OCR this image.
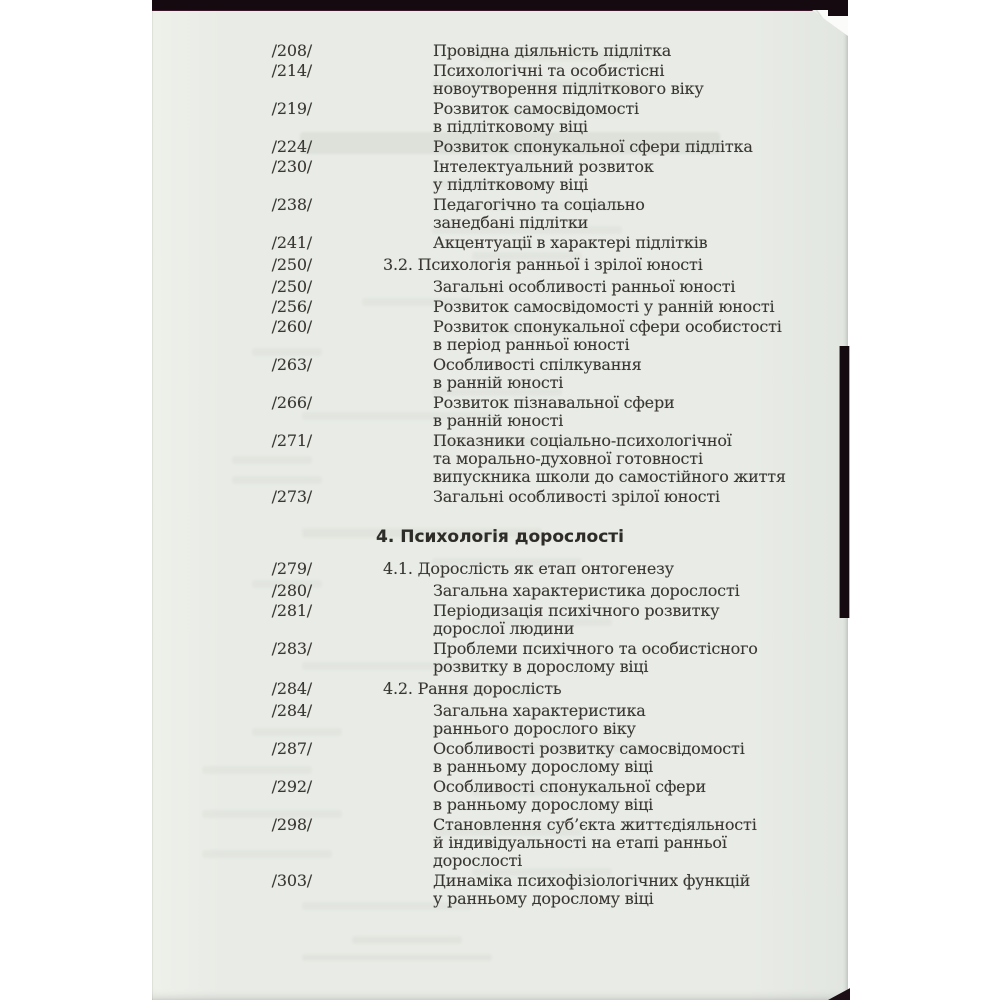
/208/	Провідна діяльність підлітка
/214/	Психологічні та особистісні
новоутворення підліткового віку
/219/	Розвиток самосвідомості
в підлітковому віці
/224/	Розвиток спонукальної сфери підлітка
/230/	Інтелектуальний розвиток
у підлітковому віці
/238/	Педагогічно та соціально
занедбані підлітки
/241/	Акцентуації в характері підлітків
/250/	3.2. Психологія ранньої і зрілої юності
/250/	Загальні особливості ранньої юності
/256/	Розвиток самосвідомості у ранній юності
/260/	Розвиток спонукальної сфери особистості
в період ранньої юності
/263/	Особливості спілкування
в ранній юності
/266/	Розвиток пізнавальної сфери
в ранній юності
/271/	Показники соціально-психологічної
та морально-духовної готовності
випускника школи до самостійного життя
/273/	Загальні особливості зрілої юності
4. Психологія дорослості
/279/	4.1. Дорослість як етап онтогенезу
/280/	Загальна характеристика дорослості
/281/	Періодизація психічного розвитку
дорослої людини
/283/	Проблеми психічного та особистісного
розвитку в дорослому віці
/284/	4.2. Рання дорослість
/284/	Загальна характеристика
раннього дорослого віку
/287/	Особливості розвитку самосвідомості
в ранньому дорослому віці
/292/	Особливості спонукальної сфери
в ранньому дорослому віці
/298/	Становлення суб’єкта життєдіяльності
й індивідуальності на етапі ранньої
дорослості
/303/	Динаміка психофізіологічних функцій
у ранньому дорослому віці
